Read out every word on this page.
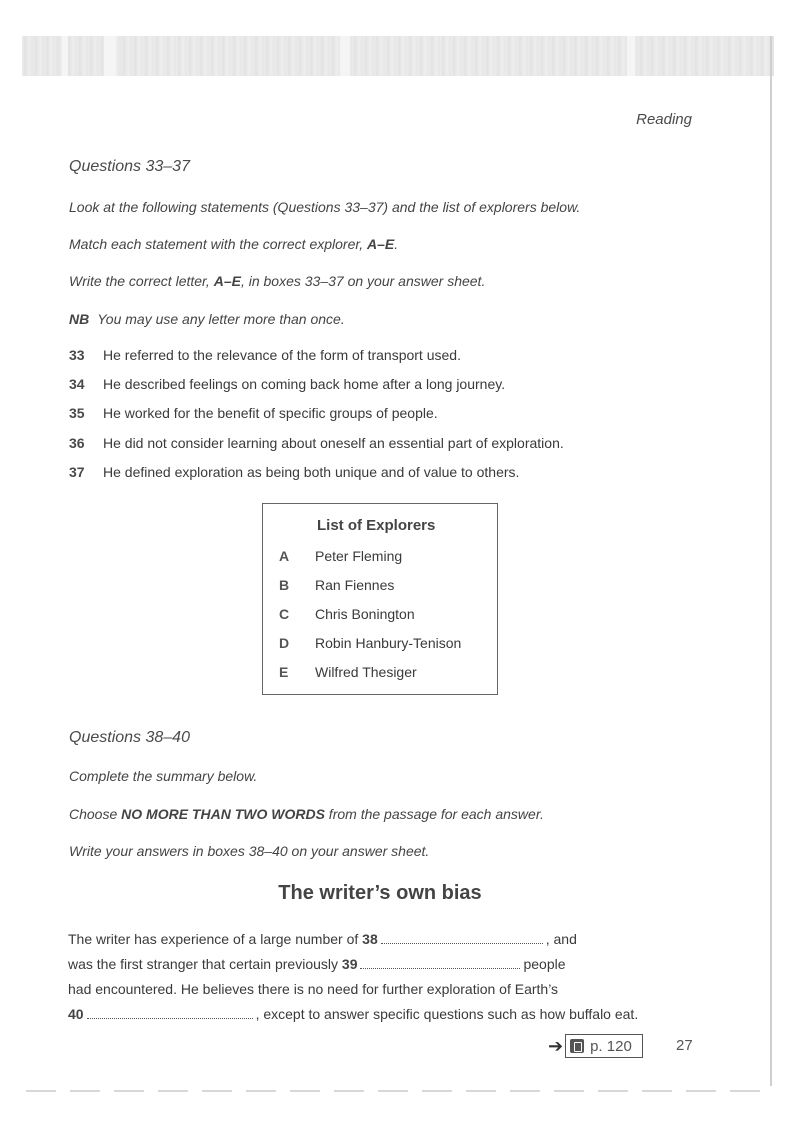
Reading
Questions 33–37
Look at the following statements (Questions 33–37) and the list of explorers below.
Match each statement with the correct explorer, A–E.
Write the correct letter, A–E, in boxes 33–37 on your answer sheet.
NB You may use any letter more than once.
33	He referred to the relevance of the form of transport used.
34	He described feelings on coming back home after a long journey.
35	He worked for the benefit of specific groups of people.
36	He did not consider learning about oneself an essential part of exploration.
37	He defined exploration as being both unique and of value to others.
List of Explorers
A	Peter Fleming
B	Ran Fiennes
C	Chris Bonington
D	Robin Hanbury-Tenison
E	Wilfred Thesiger
Questions 38–40
Complete the summary below.
Choose NO MORE THAN TWO WORDS from the passage for each answer.
Write your answers in boxes 38–40 on your answer sheet.
The writer’s own bias
The writer has experience of a large number of 38	, and
was the first stranger that certain previously 39	people
had encountered. He believes there is no need for further exploration of Earth’s
40	, except to answer specific questions such as how buffalo eat.
➔ p. 120	27
